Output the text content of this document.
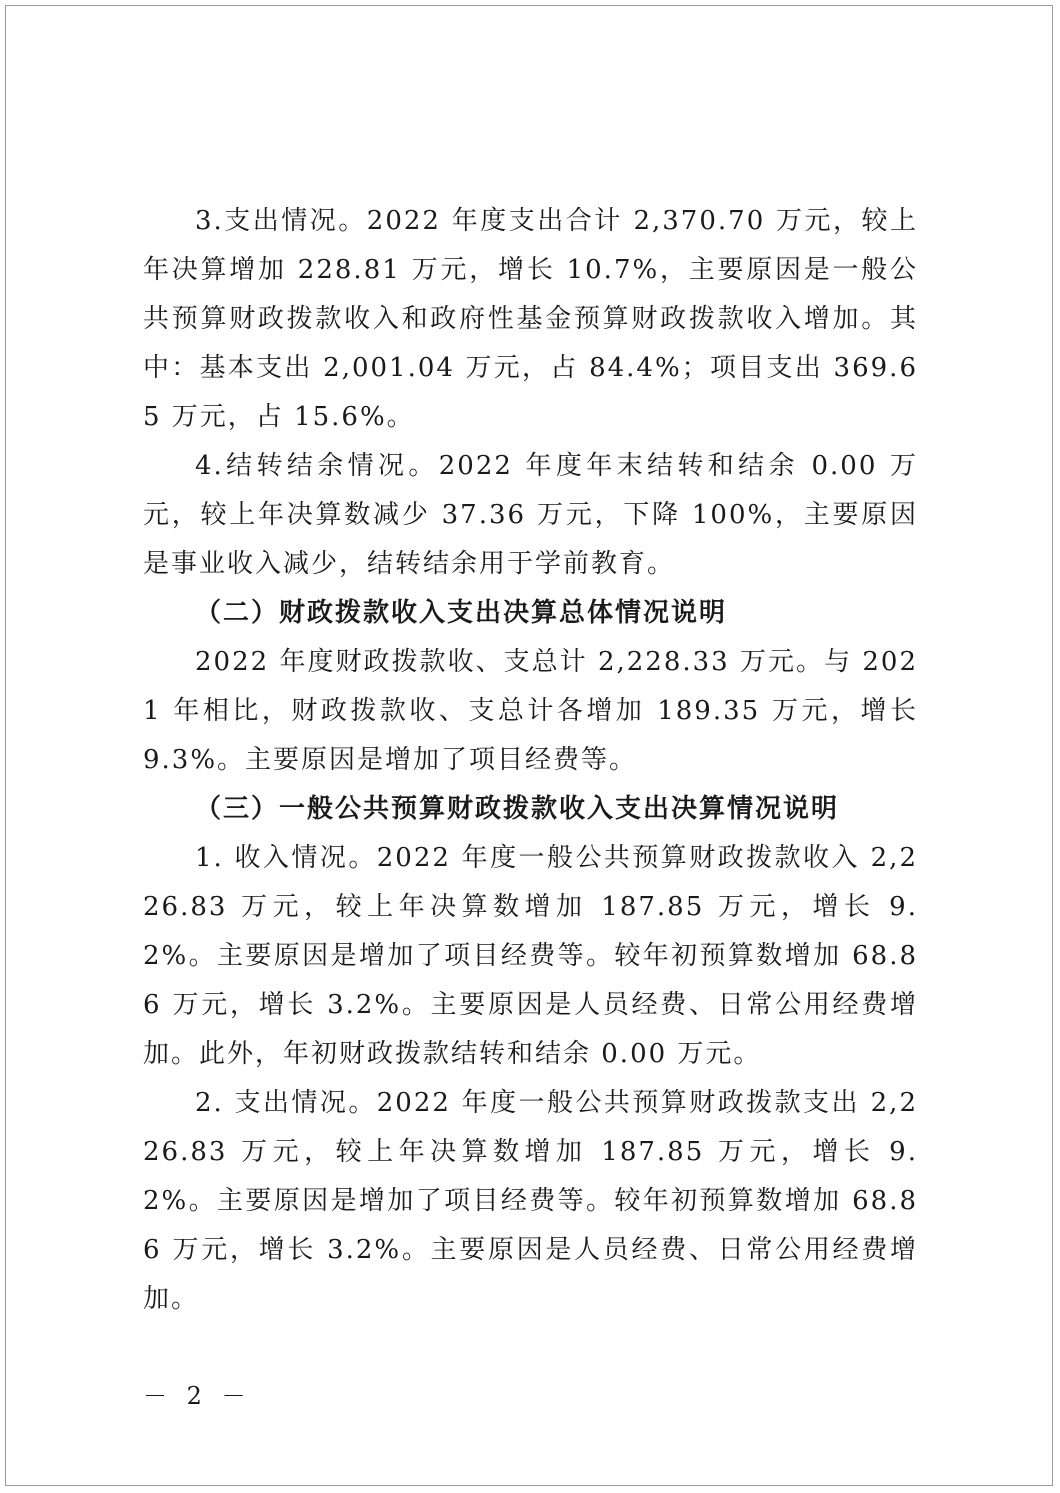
3.支出情况。2022 年度支出合计 2,370.70 万元，较上年决算增加 228.81 万元，增长 10.7%，主要原因是一般公共预算财政拨款收入和政府性基金预算财政拨款收入增加。其中：基本支出 2,001.04 万元，占 84.4%；项目支出 369.65 万元，占 15.6%。

4.结转结余情况。2022 年度年末结转和结余 0.00 万元，较上年决算数减少 37.36 万元，下降 100%，主要原因是事业收入减少，结转结余用于学前教育。

（二）财政拨款收入支出决算总体情况说明

2022 年度财政拨款收、支总计 2,228.33 万元。与 2021 年相比，财政拨款收、支总计各增加 189.35 万元，增长 9.3%。主要原因是增加了项目经费等。

（三）一般公共预算财政拨款收入支出决算情况说明

1. 收入情况。2022 年度一般公共预算财政拨款收入 2,226.83 万元，较上年决算数增加 187.85 万元，增长 9.2%。主要原因是增加了项目经费等。较年初预算数增加 68.86 万元，增长 3.2%。主要原因是人员经费、日常公用经费增加。此外，年初财政拨款结转和结余 0.00 万元。

2. 支出情况。2022 年度一般公共预算财政拨款支出 2,226.83 万元，较上年决算数增加 187.85 万元，增长 9.2%。主要原因是增加了项目经费等。较年初预算数增加 68.86 万元，增长 3.2%。主要原因是人员经费、日常公用经费增加。

－ 2 －
